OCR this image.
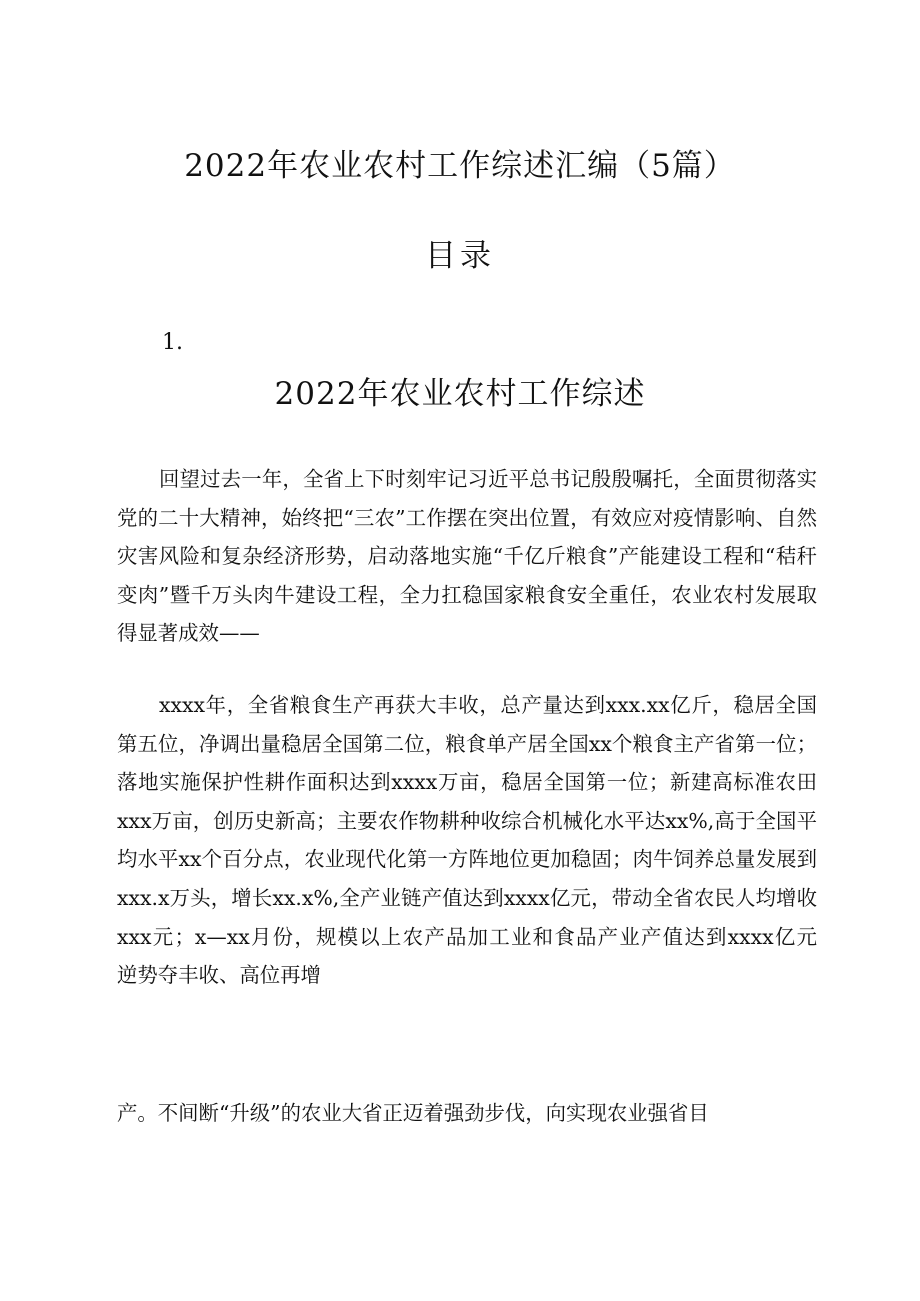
2022年农业农村工作综述汇编（5篇）
目录
1.
2022年农业农村工作综述
回望过去一年，全省上下时刻牢记习近平总书记殷殷嘱托，全面贯彻落实党的二十大精神，始终把“三农”工作摆在突出位置，有效应对疫情影响、自然灾害风险和复杂经济形势，启动落地实施“千亿斤粮食”产能建设工程和“秸秆变肉”暨千万头肉牛建设工程，全力扛稳国家粮食安全重任，农业农村发展取得显著成效——
xxxx年，全省粮食生产再获大丰收，总产量达到xxx.xx亿斤，稳居全国第五位，净调出量稳居全国第二位，粮食单产居全国xx个粮食主产省第一位；落地实施保护性耕作面积达到xxxx万亩，稳居全国第一位；新建高标准农田xxx万亩，创历史新高；主要农作物耕种收综合机械化水平达xx%,高于全国平均水平xx个百分点，农业现代化第一方阵地位更加稳固；肉牛饲养总量发展到xxx.x万头，增长xx.x%,全产业链产值达到xxxx亿元，带动全省农民人均增收xxx元；x—xx月份，规模以上农产品加工业和食品产业产值达到xxxx亿元　　逆势夺丰收、高位再增
产。不间断“升级”的农业大省正迈着强劲步伐，向实现农业强省目
